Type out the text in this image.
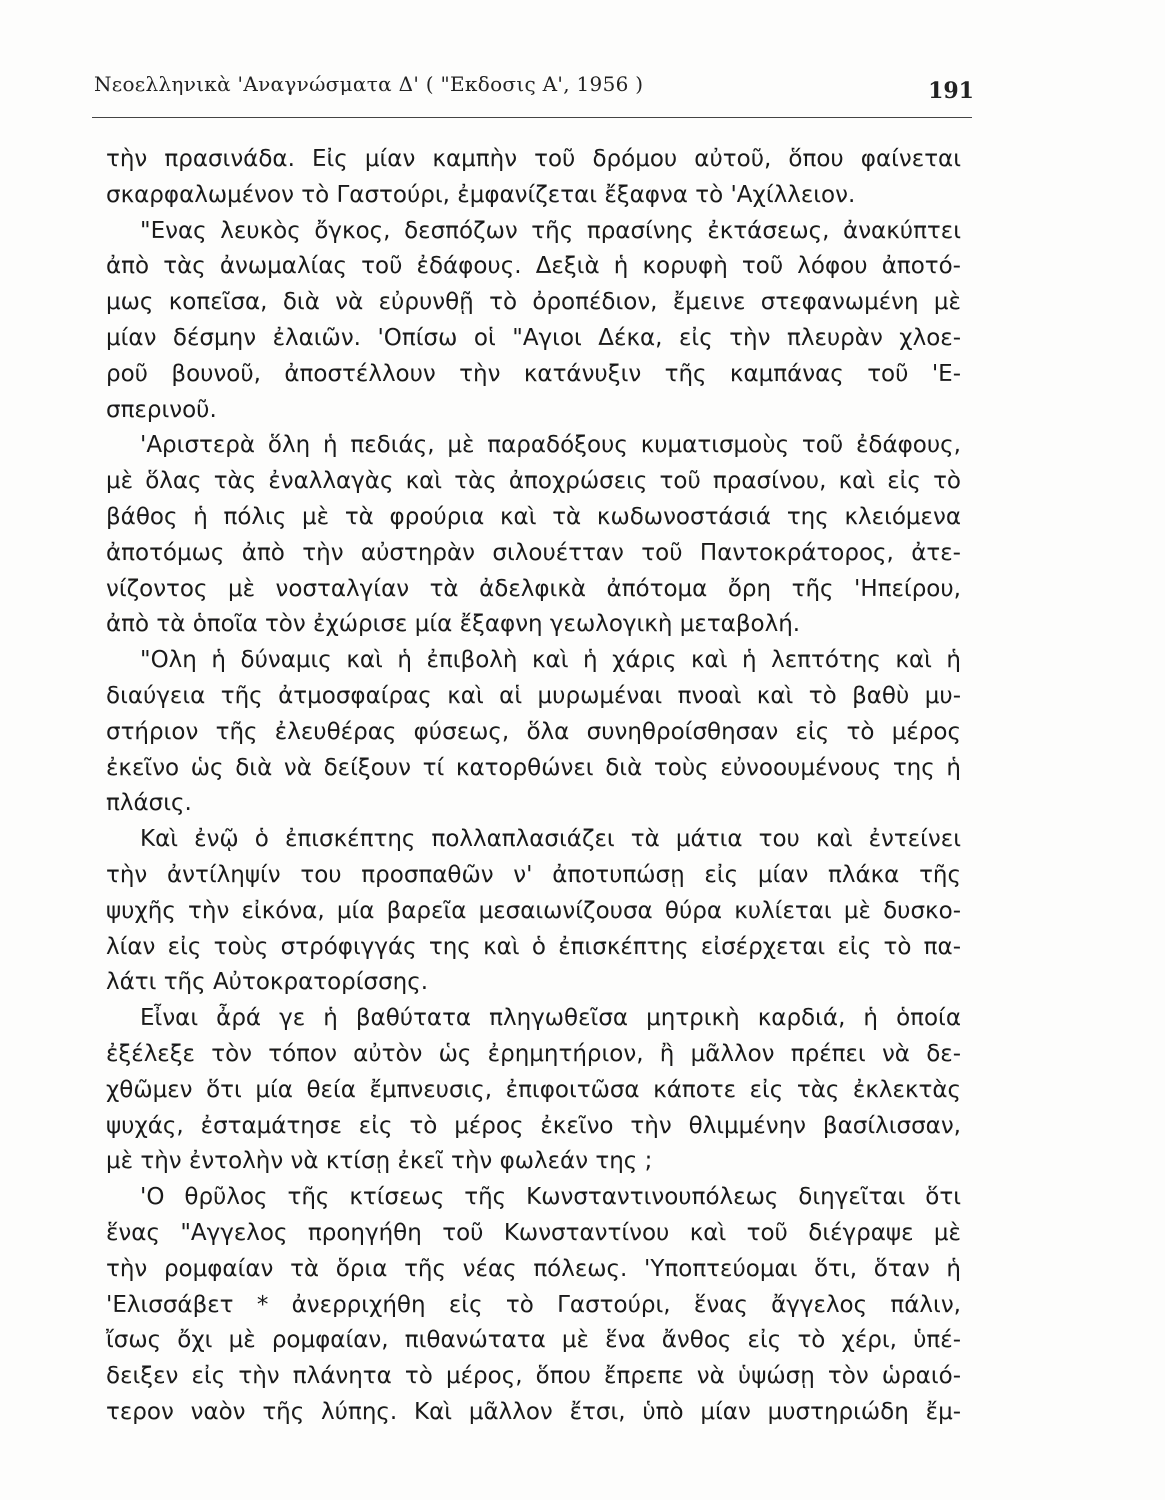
Νεοελληνικὰ 'Αναγνώσματα Δ' ( "Εκδοσις Α', 1956 )	191
τὴν πρασινάδα. Εἰς μίαν καμπὴν τοῦ δρόμου αὐτοῦ, ὅπου φαίνεται
σκαρφαλωμένον τὸ Γαστούρι, ἐμφανίζεται ἔξαφνα τὸ 'Αχίλλειον.
"Ενας λευκὸς ὄγκος, δεσπόζων τῆς πρασίνης ἐκτάσεως, ἀνακύπτει
ἀπὸ τὰς ἀνωμαλίας τοῦ ἐδάφους. Δεξιὰ ἡ κορυφὴ τοῦ λόφου ἀποτό-
μως κοπεῖσα, διὰ νὰ εὐρυνθῇ τὸ ὀροπέδιον, ἔμεινε στεφανωμένη μὲ
μίαν δέσμην ἐλαιῶν. 'Οπίσω οἱ "Αγιοι Δέκα, εἰς τὴν πλευρὰν χλοε-
ροῦ βουνοῦ, ἀποστέλλουν τὴν κατάνυξιν τῆς καμπάνας τοῦ 'Ε-
σπερινοῦ.
'Αριστερὰ ὅλη ἡ πεδιάς, μὲ παραδόξους κυματισμοὺς τοῦ ἐδάφους,
μὲ ὅλας τὰς ἐναλλαγὰς καὶ τὰς ἀποχρώσεις τοῦ πρασίνου, καὶ εἰς τὸ
βάθος ἡ πόλις μὲ τὰ φρούρια καὶ τὰ κωδωνοστάσιά της κλειόμενα
ἀποτόμως ἀπὸ τὴν αὐστηρὰν σιλουέτταν τοῦ Παντοκράτορος, ἀτε-
νίζοντος μὲ νοσταλγίαν τὰ ἀδελφικὰ ἀπότομα ὄρη τῆς 'Ηπείρου,
ἀπὸ τὰ ὁποῖα τὸν ἐχώρισε μία ἔξαφνη γεωλογικὴ μεταβολή.
"Ολη ἡ δύναμις καὶ ἡ ἐπιβολὴ καὶ ἡ χάρις καὶ ἡ λεπτότης καὶ ἡ
διαύγεια τῆς ἀτμοσφαίρας καὶ αἱ μυρωμέναι πνοαὶ καὶ τὸ βαθὺ μυ-
στήριον τῆς ἐλευθέρας φύσεως, ὅλα συνηθροίσθησαν εἰς τὸ μέρος
ἐκεῖνο ὡς διὰ νὰ δείξουν τί κατορθώνει διὰ τοὺς εὐνοουμένους της ἡ
πλάσις.
Καὶ ἐνῷ ὁ ἐπισκέπτης πολλαπλασιάζει τὰ μάτια του καὶ ἐντείνει
τὴν ἀντίληψίν του προσπαθῶν ν' ἀποτυπώσῃ εἰς μίαν πλάκα τῆς
ψυχῆς τὴν εἰκόνα, μία βαρεῖα μεσαιωνίζουσα θύρα κυλίεται μὲ δυσκο-
λίαν εἰς τοὺς στρόφιγγάς της καὶ ὁ ἐπισκέπτης εἰσέρχεται εἰς τὸ πα-
λάτι τῆς Αὐτοκρατορίσσης.
Εἶναι ἆρά γε ἡ βαθύτατα πληγωθεῖσα μητρικὴ καρδιά, ἡ ὁποία
ἐξέλεξε τὸν τόπον αὐτὸν ὡς ἐρημητήριον, ἢ μᾶλλον πρέπει νὰ δε-
χθῶμεν ὅτι μία θεία ἔμπνευσις, ἐπιφοιτῶσα κάποτε εἰς τὰς ἐκλεκτὰς
ψυχάς, ἐσταμάτησε εἰς τὸ μέρος ἐκεῖνο τὴν θλιμμένην βασίλισσαν,
μὲ τὴν ἐντολὴν νὰ κτίσῃ ἐκεῖ τὴν φωλεάν της ;
'Ο θρῦλος τῆς κτίσεως τῆς Κωνσταντινουπόλεως διηγεῖται ὅτι
ἕνας "Αγγελος προηγήθη τοῦ Κωνσταντίνου καὶ τοῦ διέγραψε μὲ
τὴν ρομφαίαν τὰ ὅρια τῆς νέας πόλεως. 'Υποπτεύομαι ὅτι, ὅταν ἡ
'Ελισσάβετ * ἀνερριχήθη εἰς τὸ Γαστούρι, ἕνας ἄγγελος πάλιν,
ἴσως ὄχι μὲ ρομφαίαν, πιθανώτατα μὲ ἕνα ἄνθος εἰς τὸ χέρι, ὑπέ-
δειξεν εἰς τὴν πλάνητα τὸ μέρος, ὅπου ἔπρεπε νὰ ὑψώσῃ τὸν ὡραιό-
τερον ναὸν τῆς λύπης. Καὶ μᾶλλον ἔτσι, ὑπὸ μίαν μυστηριώδη ἔμ-
